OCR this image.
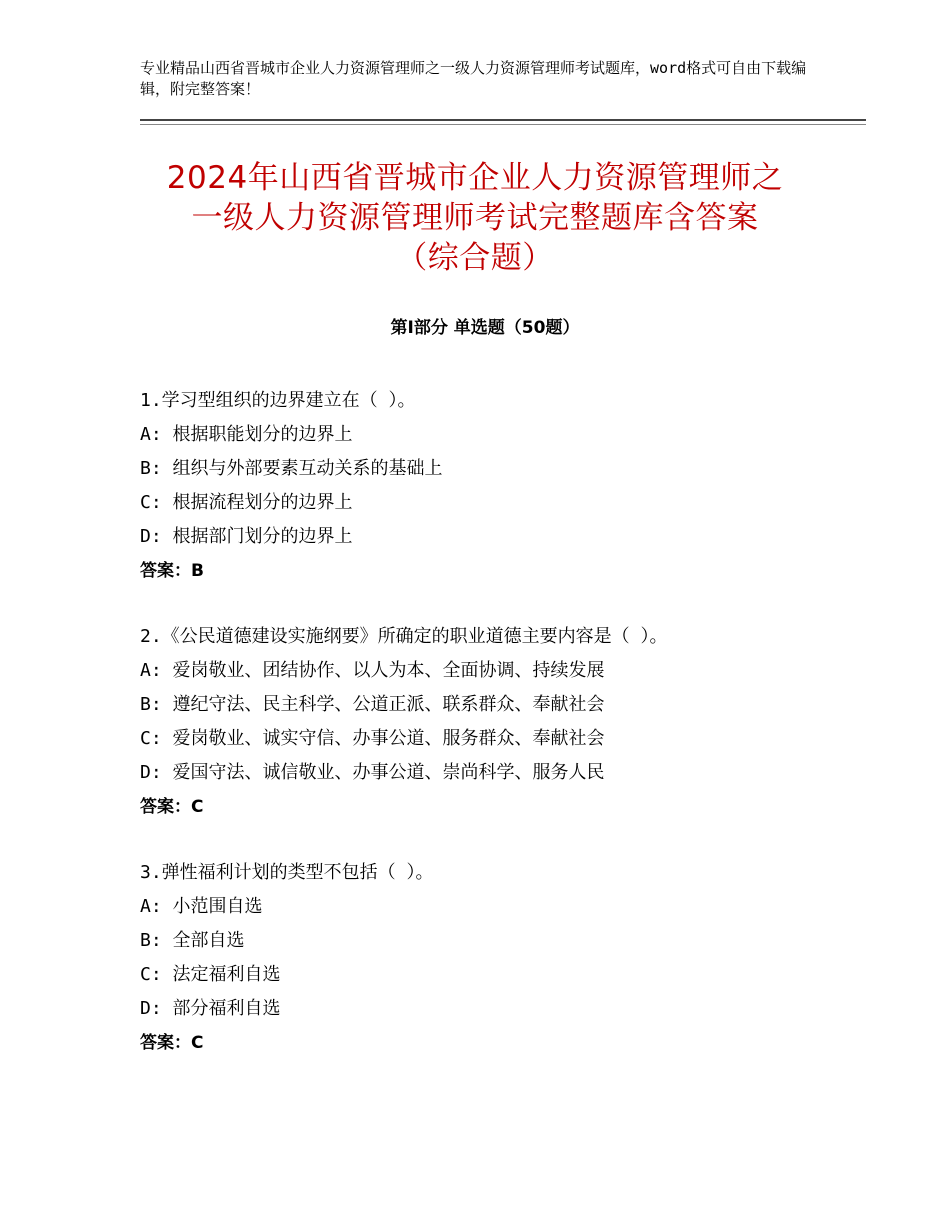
专业精品山西省晋城市企业人力资源管理师之一级人力资源管理师考试题库，word格式可自由下载编辑，附完整答案！
2024年山西省晋城市企业人力资源管理师之
一级人力资源管理师考试完整题库含答案
（综合题）
第Ⅰ部分 单选题（50题）
1.学习型组织的边界建立在（ ）。
A: 根据职能划分的边界上
B: 组织与外部要素互动关系的基础上
C: 根据流程划分的边界上
D: 根据部门划分的边界上
答案：B
2.《公民道德建设实施纲要》所确定的职业道德主要内容是（ ）。
A: 爱岗敬业、团结协作、以人为本、全面协调、持续发展
B: 遵纪守法、民主科学、公道正派、联系群众、奉献社会
C: 爱岗敬业、诚实守信、办事公道、服务群众、奉献社会
D: 爱国守法、诚信敬业、办事公道、崇尚科学、服务人民
答案：C
3.弹性福利计划的类型不包括（ ）。
A: 小范围自选
B: 全部自选
C: 法定福利自选
D: 部分福利自选
答案：C
